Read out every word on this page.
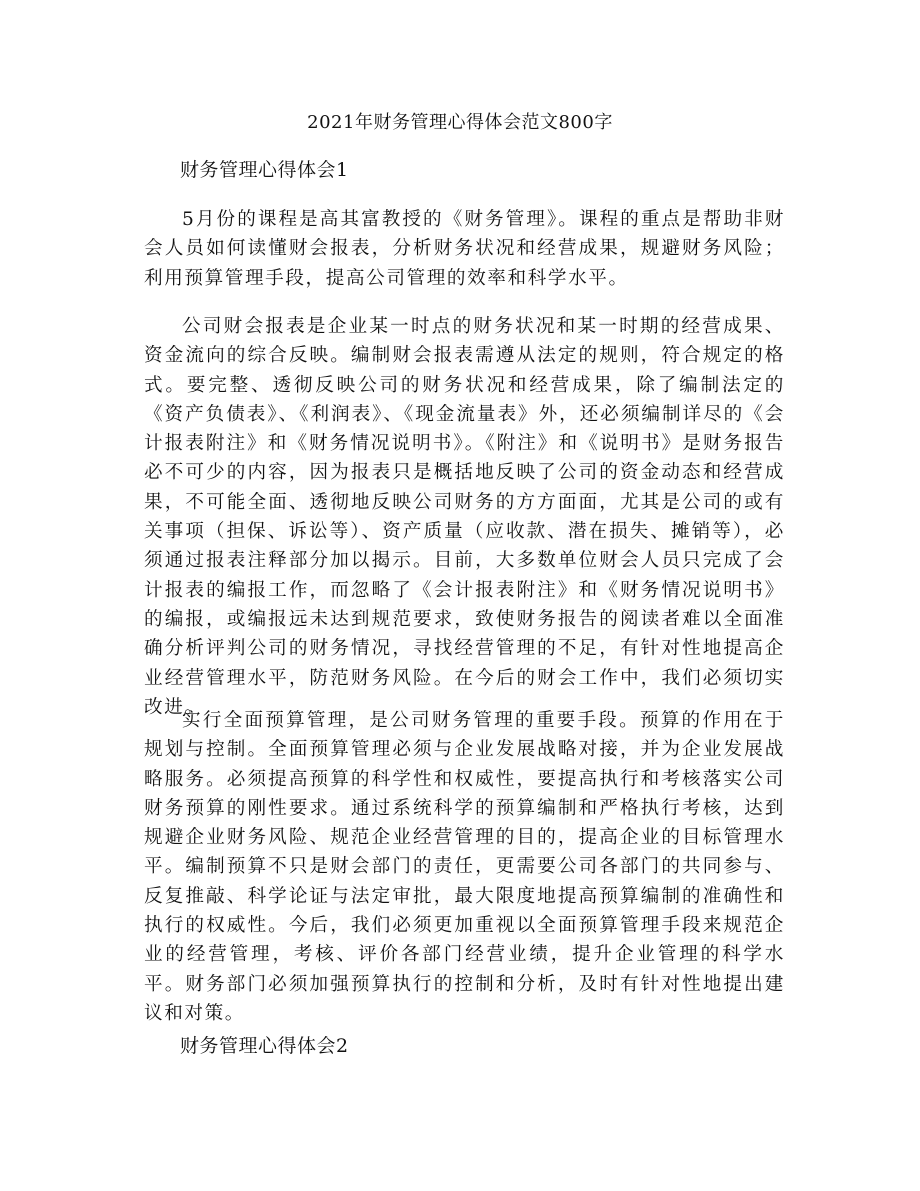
2021年财务管理心得体会范文800字
财务管理心得体会1

5月份的课程是高其富教授的《财务管理》。课程的重点是帮助非财会人员如何读懂财会报表，分析财务状况和经营成果，规避财务风险；利用预算管理手段，提高公司管理的效率和科学水平。

公司财会报表是企业某一时点的财务状况和某一时期的经营成果、资金流向的综合反映。编制财会报表需遵从法定的规则，符合规定的格式。要完整、透彻反映公司的财务状况和经营成果，除了编制法定的《资产负债表》、《利润表》、《现金流量表》外，还必须编制详尽的《会计报表附注》和《财务情况说明书》。《附注》和《说明书》是财务报告必不可少的内容，因为报表只是概括地反映了公司的资金动态和经营成果，不可能全面、透彻地反映公司财务的方方面面，尤其是公司的或有关事项（担保、诉讼等）、资产质量（应收款、潜在损失、摊销等），必须通过报表注释部分加以揭示。目前，大多数单位财会人员只完成了会计报表的编报工作，而忽略了《会计报表附注》和《财务情况说明书》的编报，或编报远未达到规范要求，致使财务报告的阅读者难以全面准确分析评判公司的财务情况，寻找经营管理的不足，有针对性地提高企业经营管理水平，防范财务风险。在今后的财会工作中，我们必须切实改进。

实行全面预算管理，是公司财务管理的重要手段。预算的作用在于规划与控制。全面预算管理必须与企业发展战略对接，并为企业发展战略服务。必须提高预算的科学性和权威性，要提高执行和考核落实公司财务预算的刚性要求。通过系统科学的预算编制和严格执行考核，达到规避企业财务风险、规范企业经营管理的目的，提高企业的目标管理水平。编制预算不只是财会部门的责任，更需要公司各部门的共同参与、反复推敲、科学论证与法定审批，最大限度地提高预算编制的准确性和执行的权威性。今后，我们必须更加重视以全面预算管理手段来规范企业的经营管理，考核、评价各部门经营业绩，提升企业管理的科学水平。财务部门必须加强预算执行的控制和分析，及时有针对性地提出建议和对策。

财务管理心得体会2
